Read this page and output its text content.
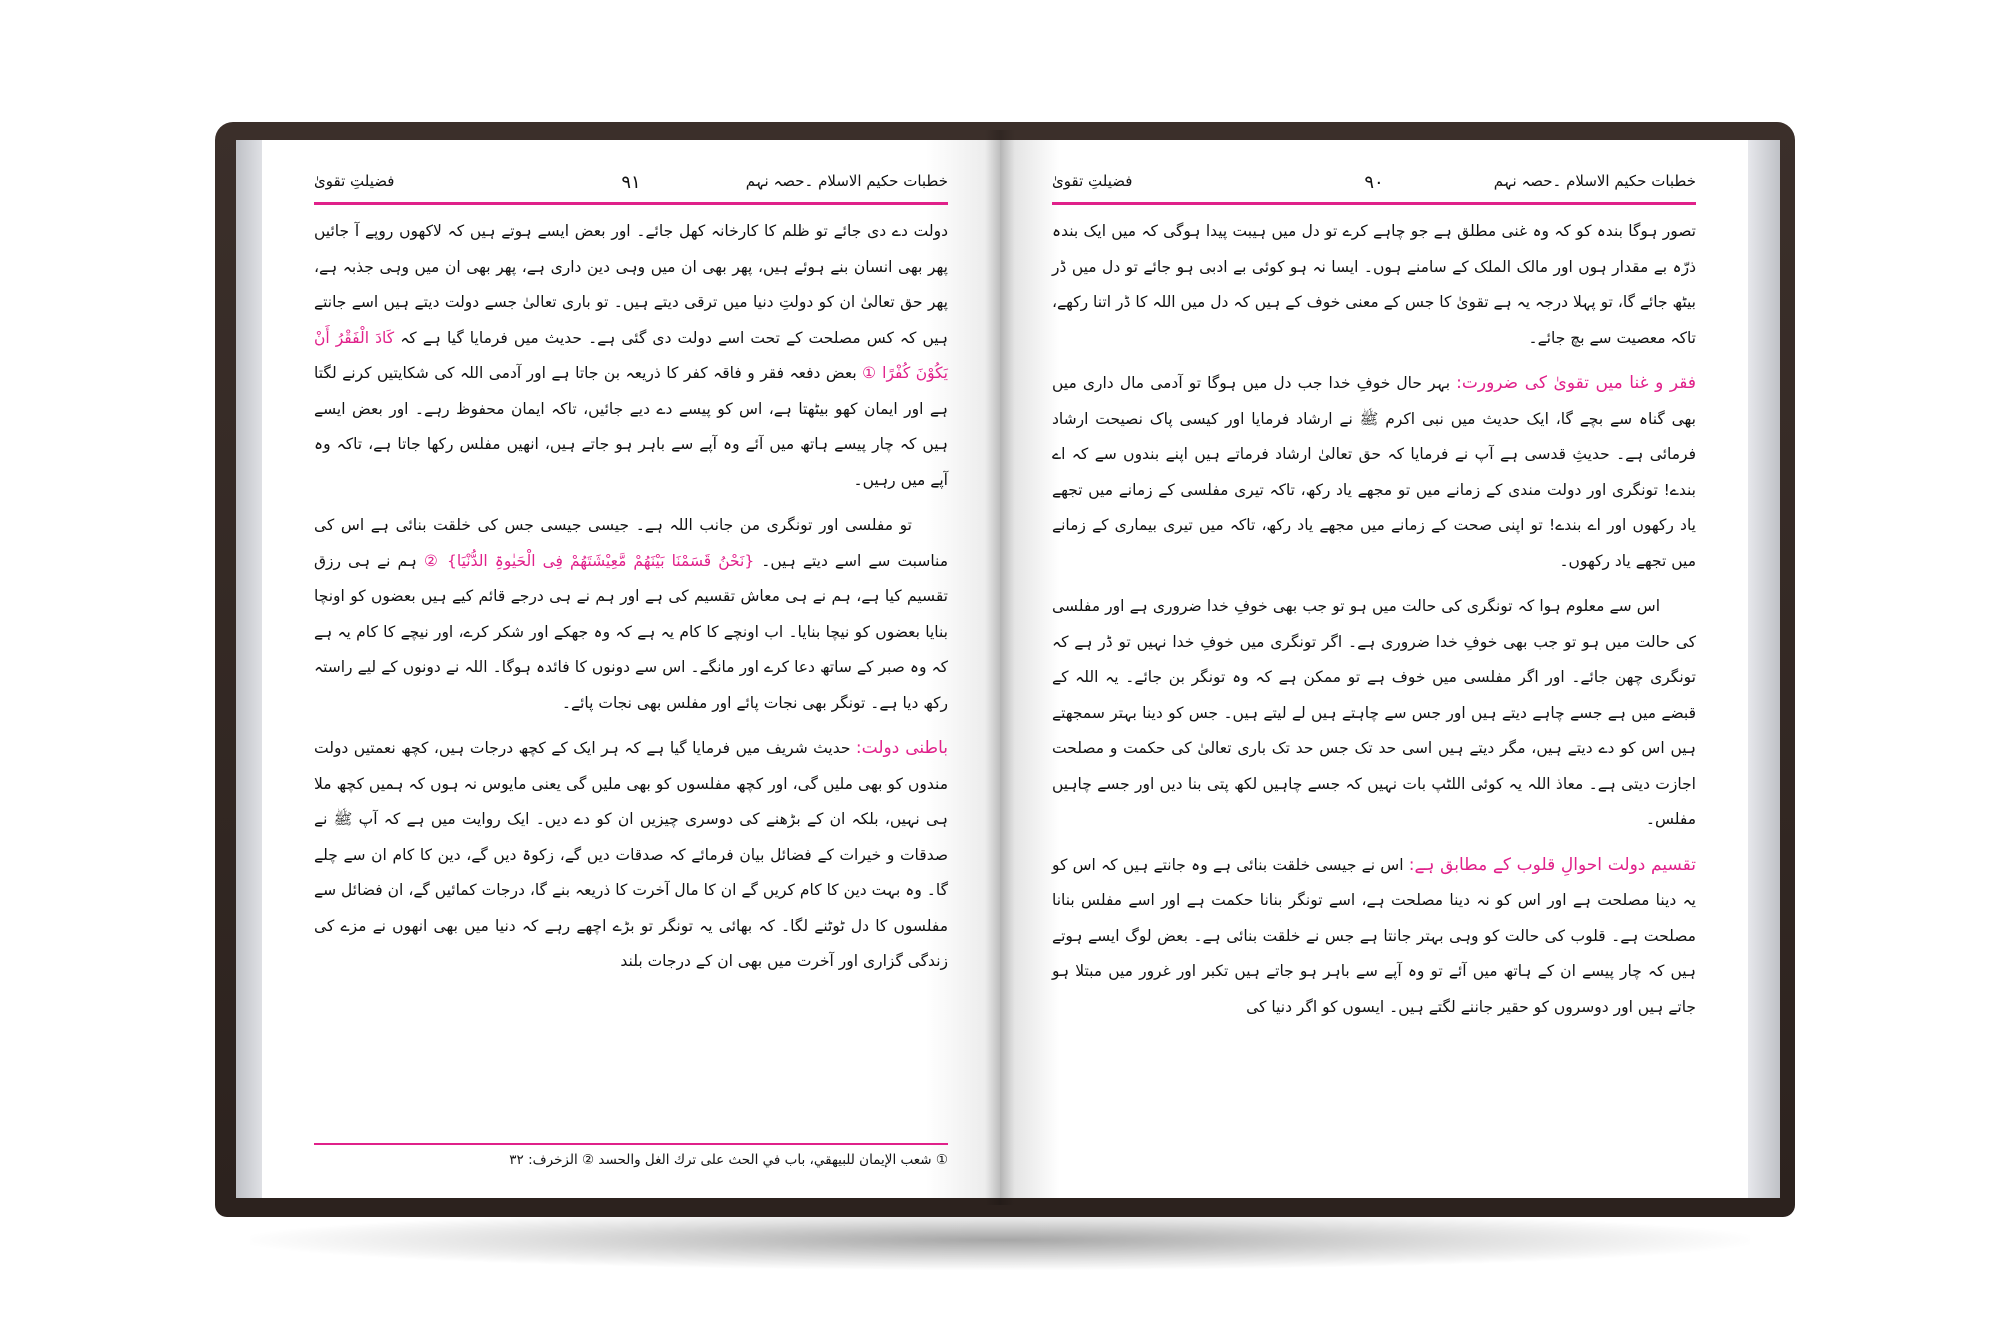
خطبات حکیم الاسلام ۔حصہ نہم
۹۱
فضیلتِ تقویٰ

دولت دے دی جائے تو ظلم کا کارخانہ کھل جائے۔ اور بعض ایسے ہوتے ہیں کہ لاکھوں روپے آ جائیں پھر بھی انسان بنے ہوئے ہیں، پھر بھی ان میں وہی دین داری ہے، پھر بھی ان میں وہی جذبہ ہے، پھر حق تعالیٰ ان کو دولتِ دنیا میں ترقی دیتے ہیں۔ تو باری تعالیٰ جسے دولت دیتے ہیں اسے جانتے ہیں کہ کس مصلحت کے تحت اسے دولت دی گئی ہے۔ حدیث میں فرمایا گیا ہے کہ کَادَ الْفَقْرُ أَنْ یَکُوْنَ کُفْرًا ① بعض دفعہ فقر و فاقہ کفر کا ذریعہ بن جاتا ہے اور آدمی اللہ کی شکایتیں کرنے لگتا ہے اور ایمان کھو بیٹھتا ہے، اس کو پیسے دے دیے جائیں، تاکہ ایمان محفوظ رہے۔ اور بعض ایسے ہیں کہ چار پیسے ہاتھ میں آئے وہ آپے سے باہر ہو جاتے ہیں، انھیں مفلس رکھا جاتا ہے، تاکہ وہ آپے میں رہیں۔

تو مفلسی اور تونگری من جانب اللہ ہے۔ جیسی جیسی جس کی خلقت بنائی ہے اس کی مناسبت سے اسے دیتے ہیں۔ {نَحْنُ قَسَمْنَا بَیْنَھُمْ مَّعِیْشَتَھُمْ فِی الْحَیٰوۃِ الدُّنْیَا} ② ہم نے ہی رزق تقسیم کیا ہے، ہم نے ہی معاش تقسیم کی ہے اور ہم نے ہی درجے قائم کیے ہیں بعضوں کو اونچا بنایا بعضوں کو نیچا بنایا۔ اب اونچے کا کام یہ ہے کہ وہ جھکے اور شکر کرے، اور نیچے کا کام یہ ہے کہ وہ صبر کے ساتھ دعا کرے اور مانگے۔ اس سے دونوں کا فائدہ ہوگا۔ اللہ نے دونوں کے لیے راستہ رکھ دیا ہے۔ تونگر بھی نجات پائے اور مفلس بھی نجات پائے۔

باطنی دولت: حدیث شریف میں فرمایا گیا ہے کہ ہر ایک کے کچھ درجات ہیں، کچھ نعمتیں دولت مندوں کو بھی ملیں گی، اور کچھ مفلسوں کو بھی ملیں گی یعنی مایوس نہ ہوں کہ ہمیں کچھ ملا ہی نہیں، بلکہ ان کے بڑھنے کی دوسری چیزیں ان کو دے دیں۔ ایک روایت میں ہے کہ آپ ﷺ نے صدقات و خیرات کے فضائل بیان فرمائے کہ صدقات دیں گے، زکوۃ دیں گے، دین کا کام ان سے چلے گا۔ وہ بہت دین کا کام کریں گے ان کا مال آخرت کا ذریعہ بنے گا، درجات کمائیں گے، ان فضائل سے مفلسوں کا دل ٹوٹنے لگا۔ کہ بھائی یہ تونگر تو بڑے اچھے رہے کہ دنیا میں بھی انھوں نے مزے کی زندگی گزاری اور آخرت میں بھی ان کے درجات بلند

① شعب الإيمان للبيهقي، باب في الحث على ترك الغل والحسد ② الزخرف: ۳۲
خطبات حکیم الاسلام ۔حصہ نہم
۹۰
فضیلتِ تقویٰ

تصور ہوگا بندہ کو کہ وہ غنی مطلق ہے جو چاہے کرے تو دل میں ہیبت پیدا ہوگی کہ میں ایک بندہ ذرّہ بے مقدار ہوں اور مالک الملک کے سامنے ہوں۔ ایسا نہ ہو کوئی بے ادبی ہو جائے تو دل میں ڈر بیٹھ جائے گا، تو پہلا درجہ یہ ہے تقویٰ کا جس کے معنی خوف کے ہیں کہ دل میں اللہ کا ڈر اتنا رکھے، تاکہ معصیت سے بچ جائے۔

فقر و غنا میں تقویٰ کی ضرورت: بہر حال خوفِ خدا جب دل میں ہوگا تو آدمی مال داری میں بھی گناہ سے بچے گا، ایک حدیث میں نبی اکرم ﷺ نے ارشاد فرمایا اور کیسی پاک نصیحت ارشاد فرمائی ہے۔ حدیثِ قدسی ہے آپ نے فرمایا کہ حق تعالیٰ ارشاد فرماتے ہیں اپنے بندوں سے کہ اے بندے! تونگری اور دولت مندی کے زمانے میں تو مجھے یاد رکھ، تاکہ تیری مفلسی کے زمانے میں تجھے یاد رکھوں اور اے بندے! تو اپنی صحت کے زمانے میں مجھے یاد رکھ، تاکہ میں تیری بیماری کے زمانے میں تجھے یاد رکھوں۔

اس سے معلوم ہوا کہ تونگری کی حالت میں ہو تو جب بھی خوفِ خدا ضروری ہے اور مفلسی کی حالت میں ہو تو جب بھی خوفِ خدا ضروری ہے۔ اگر تونگری میں خوفِ خدا نہیں تو ڈر ہے کہ تونگری چھن جائے۔ اور اگر مفلسی میں خوف ہے تو ممکن ہے کہ وہ تونگر بن جائے۔ یہ اللہ کے قبضے میں ہے جسے چاہے دیتے ہیں اور جس سے چاہتے ہیں لے لیتے ہیں۔ جس کو دینا بہتر سمجھتے ہیں اس کو دے دیتے ہیں، مگر دیتے ہیں اسی حد تک جس حد تک باری تعالیٰ کی حکمت و مصلحت اجازت دیتی ہے۔ معاذ اللہ یہ کوئی اللٹپ بات نہیں کہ جسے چاہیں لکھ پتی بنا دیں اور جسے چاہیں مفلس۔

تقسیم دولت احوالِ قلوب کے مطابق ہے: اس نے جیسی خلقت بنائی ہے وہ جانتے ہیں کہ اس کو یہ دینا مصلحت ہے اور اس کو نہ دینا مصلحت ہے، اسے تونگر بنانا حکمت ہے اور اسے مفلس بنانا مصلحت ہے۔ قلوب کی حالت کو وہی بہتر جانتا ہے جس نے خلقت بنائی ہے۔ بعض لوگ ایسے ہوتے ہیں کہ چار پیسے ان کے ہاتھ میں آئے تو وہ آپے سے باہر ہو جاتے ہیں تکبر اور غرور میں مبتلا ہو جاتے ہیں اور دوسروں کو حقیر جاننے لگتے ہیں۔ ایسوں کو اگر دنیا کی
